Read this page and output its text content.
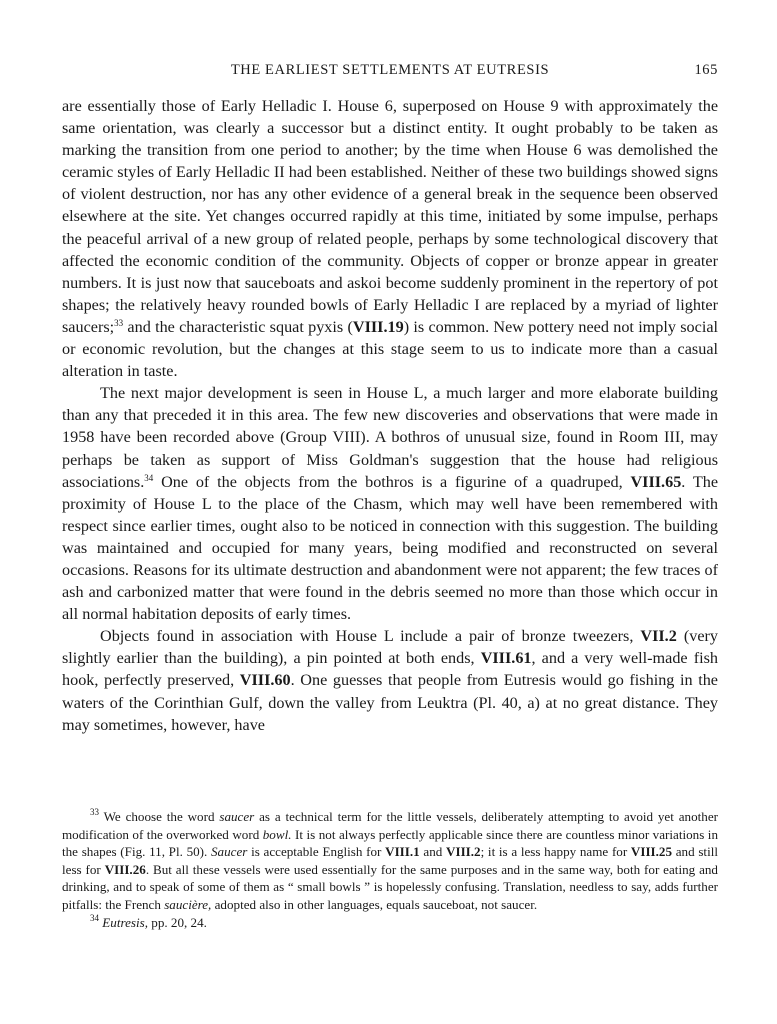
THE EARLIEST SETTLEMENTS AT EUTRESIS	165

are essentially those of Early Helladic I. House 6, superposed on House 9 with approximately the same orientation, was clearly a successor but a distinct entity. It ought probably to be taken as marking the transition from one period to another; by the time when House 6 was demolished the ceramic styles of Early Helladic II had been established. Neither of these two buildings showed signs of violent destruction, nor has any other evidence of a general break in the sequence been observed elsewhere at the site. Yet changes occurred rapidly at this time, initiated by some impulse, perhaps the peaceful arrival of a new group of related people, perhaps by some technological discovery that affected the economic condition of the community. Objects of copper or bronze appear in greater numbers. It is just now that sauceboats and askoi become suddenly prominent in the repertory of pot shapes; the relatively heavy rounded bowls of Early Helladic I are replaced by a myriad of lighter saucers;$^{33}$ and the characteristic squat pyxis (VIII.19) is common. New pottery need not imply social or economic revolution, but the changes at this stage seem to us to indicate more than a casual alteration in taste.

The next major development is seen in House L, a much larger and more elaborate building than any that preceded it in this area. The few new discoveries and observations that were made in 1958 have been recorded above (Group VIII). A bothros of unusual size, found in Room III, may perhaps be taken as support of Miss Goldman's suggestion that the house had religious associations.$^{34}$ One of the objects from the bothros is a figurine of a quadruped, VIII.65. The proximity of House L to the place of the Chasm, which may well have been remembered with respect since earlier times, ought also to be noticed in connection with this suggestion. The building was maintained and occupied for many years, being modified and reconstructed on several occasions. Reasons for its ultimate destruction and abandonment were not apparent; the few traces of ash and carbonized matter that were found in the debris seemed no more than those which occur in all normal habitation deposits of early times.

Objects found in association with House L include a pair of bronze tweezers, VII.2 (very slightly earlier than the building), a pin pointed at both ends, VIII.61, and a very well-made fish hook, perfectly preserved, VIII.60. One guesses that people from Eutresis would go fishing in the waters of the Corinthian Gulf, down the valley from Leuktra (Pl. 40, a) at no great distance. They may sometimes, however, have

$^{33}$ We choose the word saucer as a technical term for the little vessels, deliberately attempting to avoid yet another modification of the overworked word bowl. It is not always perfectly applicable since there are countless minor variations in the shapes (Fig. 11, Pl. 50). Saucer is acceptable English for VIII.1 and VIII.2; it is a less happy name for VIII.25 and still less for VIII.26. But all these vessels were used essentially for the same purposes and in the same way, both for eating and drinking, and to speak of some of them as “ small bowls ” is hopelessly confusing. Translation, needless to say, adds further pitfalls: the French saucière, adopted also in other languages, equals sauceboat, not saucer.

$^{34}$ Eutresis, pp. 20, 24.
